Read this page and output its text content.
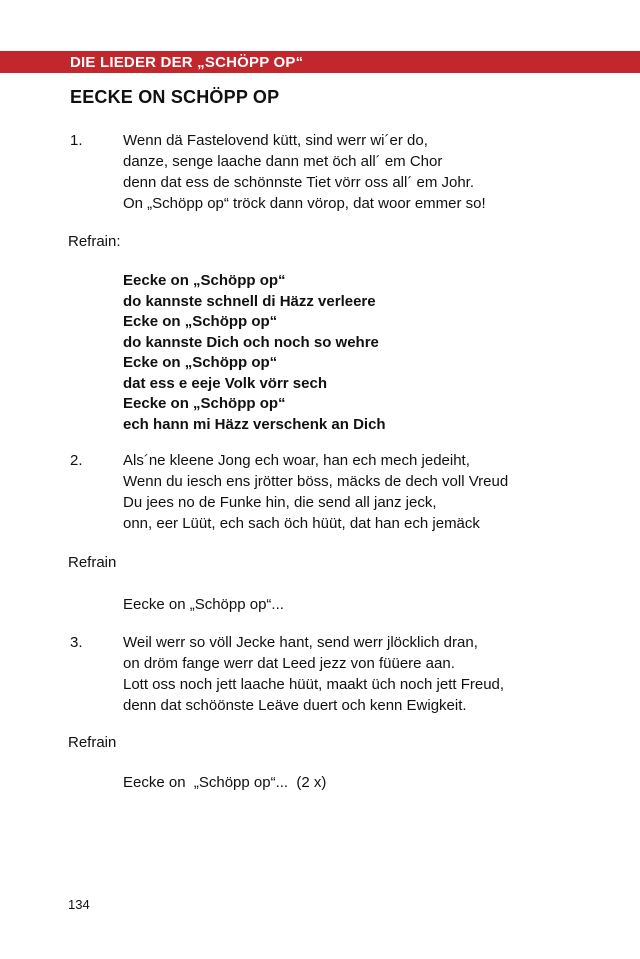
DIE LIEDER DER „SCHÖPP OP“
EECKE ON SCHÖPP OP
1.	Wenn dä Fastelovend kütt, sind werr wi´er do,
danze, senge laache dann met öch all´ em Chor
denn dat ess de schönnste Tiet vörr oss all´ em Johr.
On „Schöpp op“ tröck dann vörop, dat woor emmer so!
Refrain:
Eecke on „Schöpp op“
do kannste schnell di Häzz verleere
Ecke on „Schöpp op“
do kannste Dich och noch so wehre
Ecke on „Schöpp op“
dat ess e eeje Volk vörr sech
Eecke on „Schöpp op“
ech hann mi Häzz verschenk an Dich
2.	Als´ne kleene Jong ech woar, han ech mech jedeiht,
Wenn du iesch ens jrötter böss, mäcks de dech voll Vreud
Du jees no de Funke hin, die send all janz jeck,
onn, eer Lüüt, ech sach öch hüüt, dat han ech jemäck
Refrain
Eecke on „Schöpp op“...
3.	Weil werr so völl Jecke hant, send werr jlöcklich dran,
on dröm fange werr dat Leed jezz von füüere aan.
Lott oss noch jett laache hüüt, maakt üch noch jett Freud,
denn dat schöönste Leäve duert och kenn Ewigkeit.
Refrain
Eecke on  „Schöpp op“...  (2 x)
134
